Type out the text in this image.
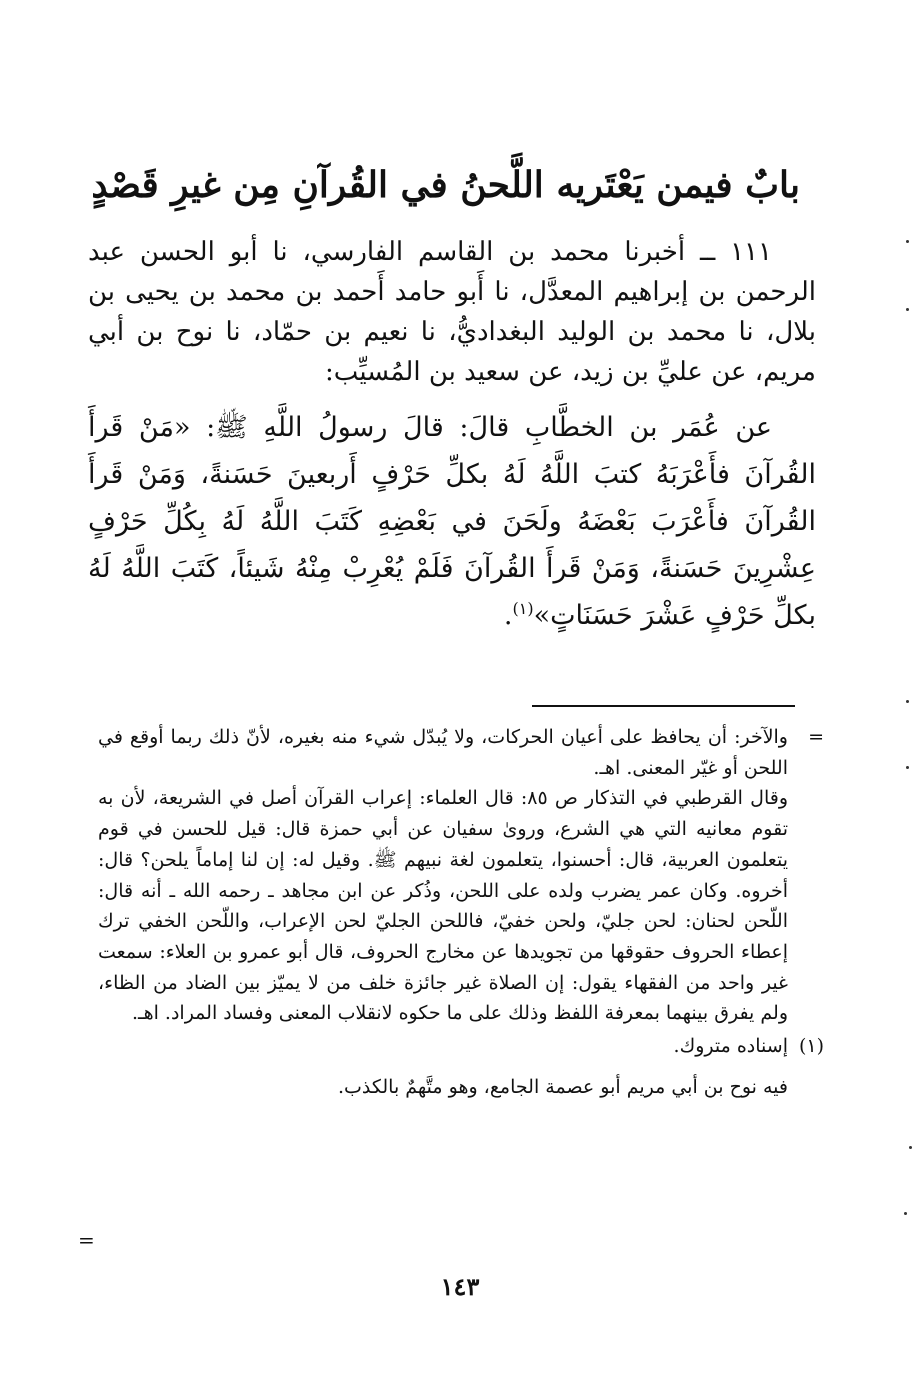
بابٌ فيمن يَعْتَريه اللَّحنُ في القُرآنِ مِن غيرِ قَصْدٍ

١١١ ــ أخبرنا محمد بن القاسم الفارسي، نا أبو الحسن عبد الرحمن بن إبراهيم المعدَّل، نا أَبو حامد أَحمد بن محمد بن يحيى بن بلال، نا محمد بن الوليد البغداديُّ، نا نعيم بن حمّاد، نا نوح بن أبي مريم، عن عليِّ بن زيد، عن سعيد بن المُسيِّب:

عن عُمَر بن الخطَّابِ قالَ: قالَ رسولُ اللَّهِ ﷺ: «مَنْ قَرأَ القُرآنَ فأَعْرَبَهُ كتبَ اللَّهُ لَهُ بكلِّ حَرْفٍ أَربعينَ حَسَنةً، وَمَنْ قَرأَ القُرآنَ فأَعْرَبَ بَعْضَهُ ولَحَنَ في بَعْضِهِ كَتَبَ اللَّهُ لَهُ بِكُلِّ حَرْفٍ عِشْرِينَ حَسَنةً، وَمَنْ قَرأَ القُرآنَ فَلَمْ يُعْرِبْ مِنْهُ شَيئاً، كَتَبَ اللَّهُ لَهُ بكلِّ حَرْفٍ عَشْرَ حَسَنَاتٍ»$^{(١)}$.

= والآخر: أن يحافظ على أعيان الحركات، ولا يُبدّل شيء منه بغيره، لأنّ ذلك ربما أوقع في اللحن أو غيّر المعنى. اهـ.

وقال القرطبي في التذكار ص ٨٥: قال العلماء: إعراب القرآن أصل في الشريعة، لأن به تقوم معانيه التي هي الشرع، وروىٰ سفيان عن أبي حمزة قال: قيل للحسن في قوم يتعلمون العربية، قال: أحسنوا، يتعلمون لغة نبيهم ﷺ. وقيل له: إن لنا إماماً يلحن؟ قال: أخروه. وكان عمر يضرب ولده على اللحن، وذُكر عن ابن مجاهد ـ رحمه الله ـ أنه قال: اللّحن لحنان: لحن جليّ، ولحن خفيّ، فاللحن الجليّ لحن الإعراب، واللّحن الخفي ترك إعطاء الحروف حقوقها من تجويدها عن مخارج الحروف، قال أبو عمرو بن العلاء: سمعت غير واحد من الفقهاء يقول: إن الصلاة غير جائزة خلف من لا يميّز بين الضاد من الظاء، ولم يفرق بينهما بمعرفة اللفظ وذلك على ما حكوه لانقلاب المعنى وفساد المراد. اهـ.

(١)
إسناده متروك.

فيه نوح بن أبي مريم أبو عصمة الجامع، وهو متَّهمٌ بالكذب.

=
١٤٣
